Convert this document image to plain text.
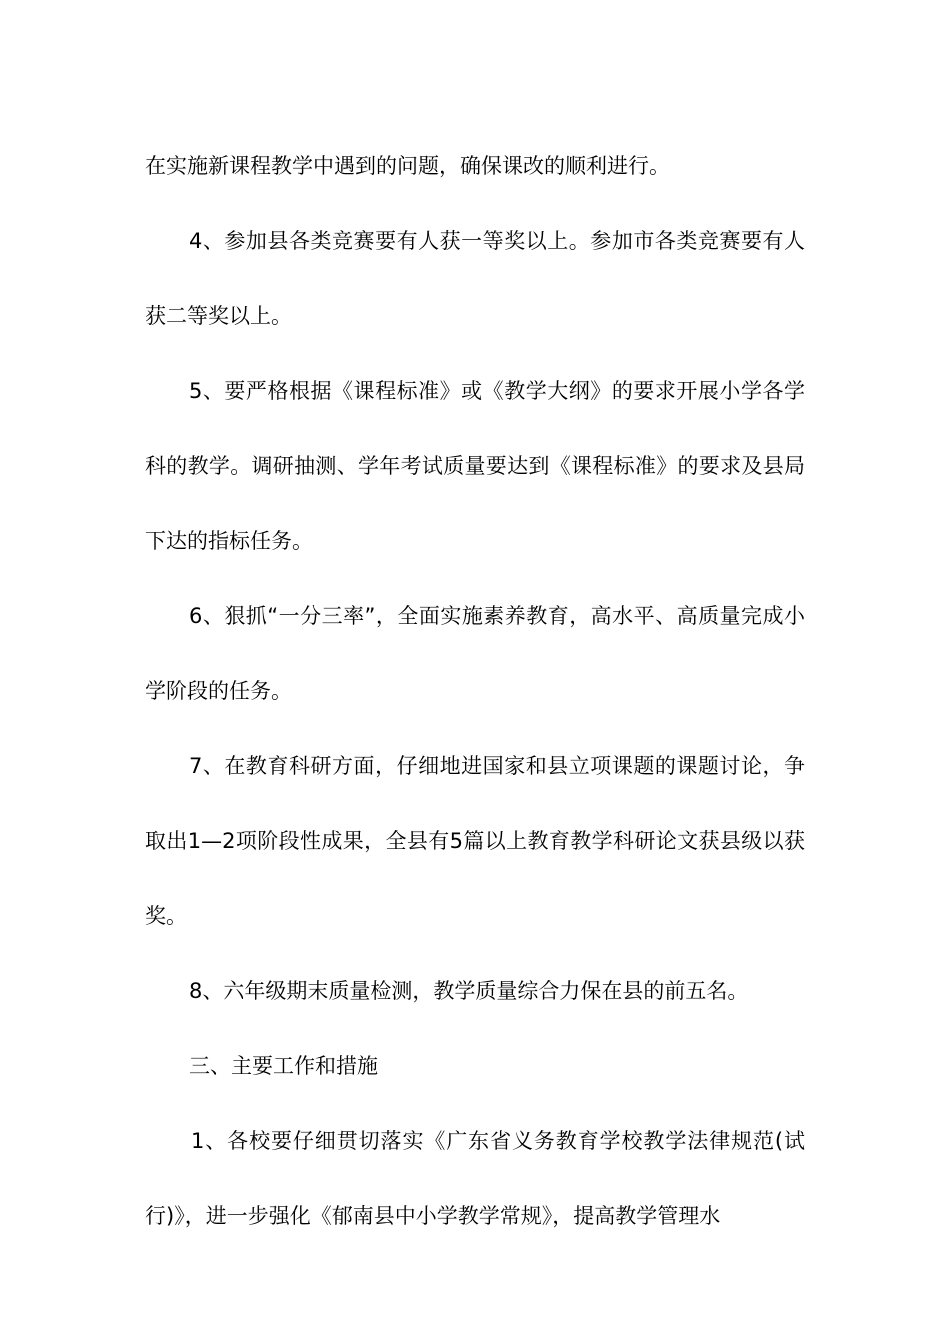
在实施新课程教学中遇到的问题，确保课改的顺利进行。

4、参加县各类竞赛要有人获一等奖以上。参加市各类竞赛要有人获二等奖以上。

5、要严格根据《课程标准》或《教学大纲》的要求开展小学各学科的教学。调研抽测、学年考试质量要达到《课程标准》的要求及县局下达的指标任务。

6、狠抓“一分三率”，全面实施素养教育，高水平、高质量完成小学阶段的任务。

7、在教育科研方面，仔细地进国家和县立项课题的课题讨论，争取出1—2项阶段性成果，全县有5篇以上教育教学科研论文获县级以获奖。

8、六年级期末质量检测，教学质量综合力保在县的前五名。

三、主要工作和措施

1、各校要仔细贯切落实《广东省义务教育学校教学法律规范(试行)》，进一步强化《郁南县中小学教学常规》，提高教学管理水
